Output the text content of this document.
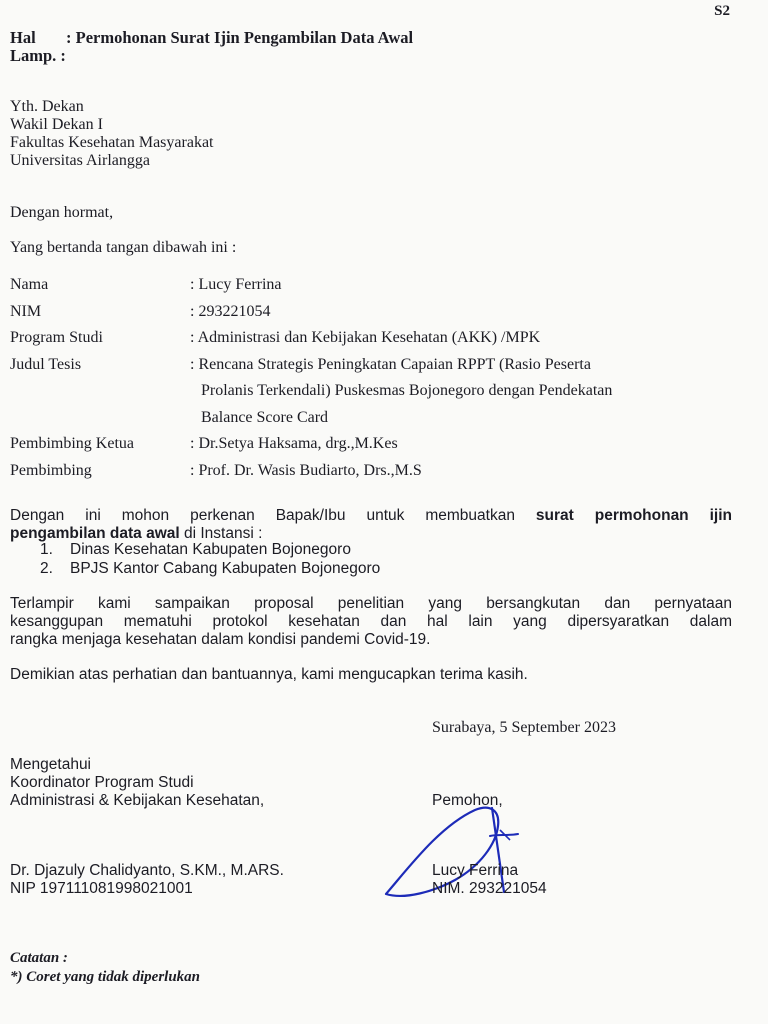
S2
Hal : Permohonan Surat Ijin Pengambilan Data Awal
Lamp. :
Yth. Dekan
Wakil Dekan I
Fakultas Kesehatan Masyarakat
Universitas Airlangga
Dengan hormat,
Yang bertanda tangan dibawah ini :
Nama	: Lucy Ferrina
NIM	: 293221054
Program Studi	: Administrasi dan Kebijakan Kesehatan (AKK) /MPK
Judul Tesis	: Rencana Strategis Peningkatan Capaian RPPT (Rasio Peserta
Prolanis Terkendali) Puskesmas Bojonegoro dengan Pendekatan
Balance Score Card
Pembimbing Ketua	: Dr.Setya Haksama, drg.,M.Kes
Pembimbing	: Prof. Dr. Wasis Budiarto, Drs.,M.S
Dengan ini mohon perkenan Bapak/Ibu untuk membuatkan surat permohonan ijin
pengambilan data awal di Instansi :
1. Dinas Kesehatan Kabupaten Bojonegoro
2. BPJS Kantor Cabang Kabupaten Bojonegoro
Terlampir kami sampaikan proposal penelitian yang bersangkutan dan pernyataan
kesanggupan mematuhi protokol kesehatan dan hal lain yang dipersyaratkan dalam
rangka menjaga kesehatan dalam kondisi pandemi Covid-19.
Demikian atas perhatian dan bantuannya, kami mengucapkan terima kasih.
Surabaya, 5 September 2023
Mengetahui
Koordinator Program Studi
Administrasi & Kebijakan Kesehatan,	Pemohon,
Dr. Djazuly Chalidyanto, S.KM., M.ARS.
NIP 197111081998021001
Lucy Ferrina
NIM. 293221054
Catatan :
*) Coret yang tidak diperlukan
